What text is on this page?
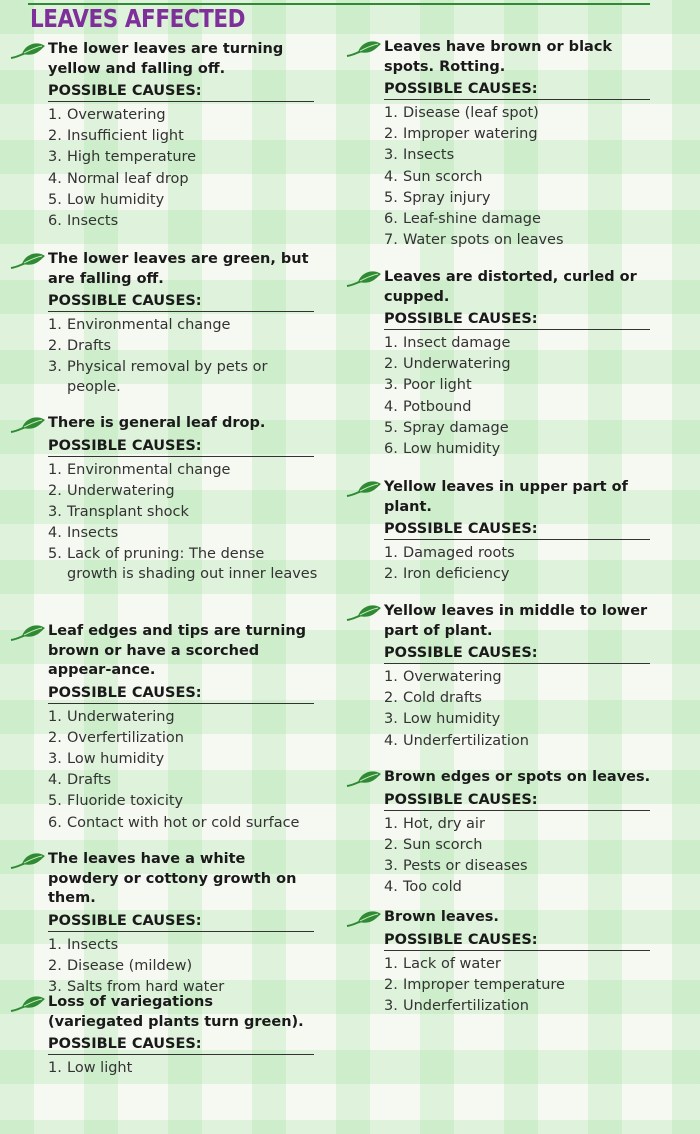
LEAVES AFFECTED

The lower leaves are turning yellow and falling off.

POSSIBLE CAUSES:
1. Overwatering
2. Insufficient light
3. High temperature
4. Normal leaf drop
5. Low humidity
6. Insects

The lower leaves are green, but are falling off.

POSSIBLE CAUSES:
1. Environmental change
2. Drafts
3. Physical removal by pets or people.

There is general leaf drop.

POSSIBLE CAUSES:
1. Environmental change
2. Underwatering
3. Transplant shock
4. Insects
5. Lack of pruning: The dense growth is shading out inner leaves

Leaf edges and tips are turning brown or have a scorched appear-ance.

POSSIBLE CAUSES:
1. Underwatering
2. Overfertilization
3. Low humidity
4. Drafts
5. Fluoride toxicity
6. Contact with hot or cold surface

The leaves have a white powdery or cottony growth on them.

POSSIBLE CAUSES:
1. Insects
2. Disease (mildew)
3. Salts from hard water

Loss of variegations (variegated plants turn green).

POSSIBLE CAUSES:
1. Low light

Leaves have brown or black spots. Rotting.

POSSIBLE CAUSES:
1. Disease (leaf spot)
2. Improper watering
3. Insects
4. Sun scorch
5. Spray injury
6. Leaf-shine damage
7. Water spots on leaves

Leaves are distorted, curled or cupped.

POSSIBLE CAUSES:
1. Insect damage
2. Underwatering
3. Poor light
4. Potbound
5. Spray damage
6. Low humidity

Yellow leaves in upper part of plant.

POSSIBLE CAUSES:
1. Damaged roots
2. Iron deficiency

Yellow leaves in middle to lower part of plant.

POSSIBLE CAUSES:
1. Overwatering
2. Cold drafts
3. Low humidity
4. Underfertilization

Brown edges or spots on leaves.

POSSIBLE CAUSES:
1. Hot, dry air
2. Sun scorch
3. Pests or diseases
4. Too cold

Brown leaves.

POSSIBLE CAUSES:
1. Lack of water
2. Improper temperature
3. Underfertilization
